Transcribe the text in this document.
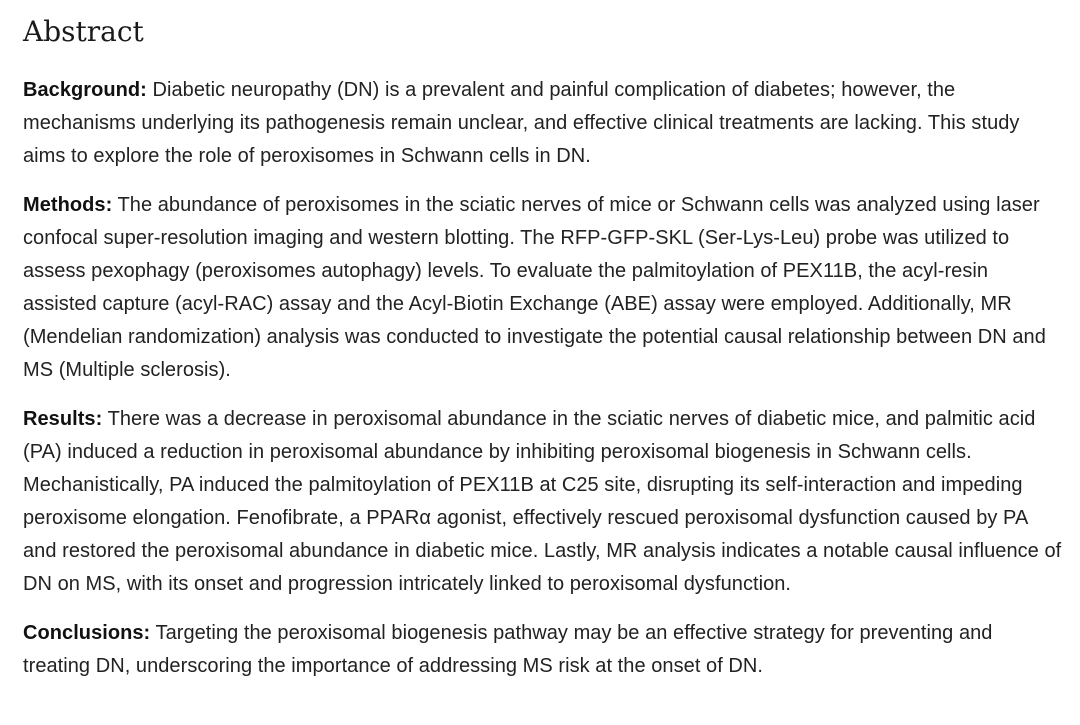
Abstract

Background: Diabetic neuropathy (DN) is a prevalent and painful complication of diabetes; however, the mechanisms underlying its pathogenesis remain unclear, and effective clinical treatments are lacking. This study aims to explore the role of peroxisomes in Schwann cells in DN.

Methods: The abundance of peroxisomes in the sciatic nerves of mice or Schwann cells was analyzed using laser confocal super-resolution imaging and western blotting. The RFP-GFP-SKL (Ser-Lys-Leu) probe was utilized to assess pexophagy (peroxisomes autophagy) levels. To evaluate the palmitoylation of PEX11B, the acyl-resin assisted capture (acyl-RAC) assay and the Acyl-Biotin Exchange (ABE) assay were employed. Additionally, MR (Mendelian randomization) analysis was conducted to investigate the potential causal relationship between DN and MS (Multiple sclerosis).

Results: There was a decrease in peroxisomal abundance in the sciatic nerves of diabetic mice, and palmitic acid (PA) induced a reduction in peroxisomal abundance by inhibiting peroxisomal biogenesis in Schwann cells. Mechanistically, PA induced the palmitoylation of PEX11B at C25 site, disrupting its self-interaction and impeding peroxisome elongation. Fenofibrate, a PPARα agonist, effectively rescued peroxisomal dysfunction caused by PA and restored the peroxisomal abundance in diabetic mice. Lastly, MR analysis indicates a notable causal influence of DN on MS, with its onset and progression intricately linked to peroxisomal dysfunction.

Conclusions: Targeting the peroxisomal biogenesis pathway may be an effective strategy for preventing and treating DN, underscoring the importance of addressing MS risk at the onset of DN.
